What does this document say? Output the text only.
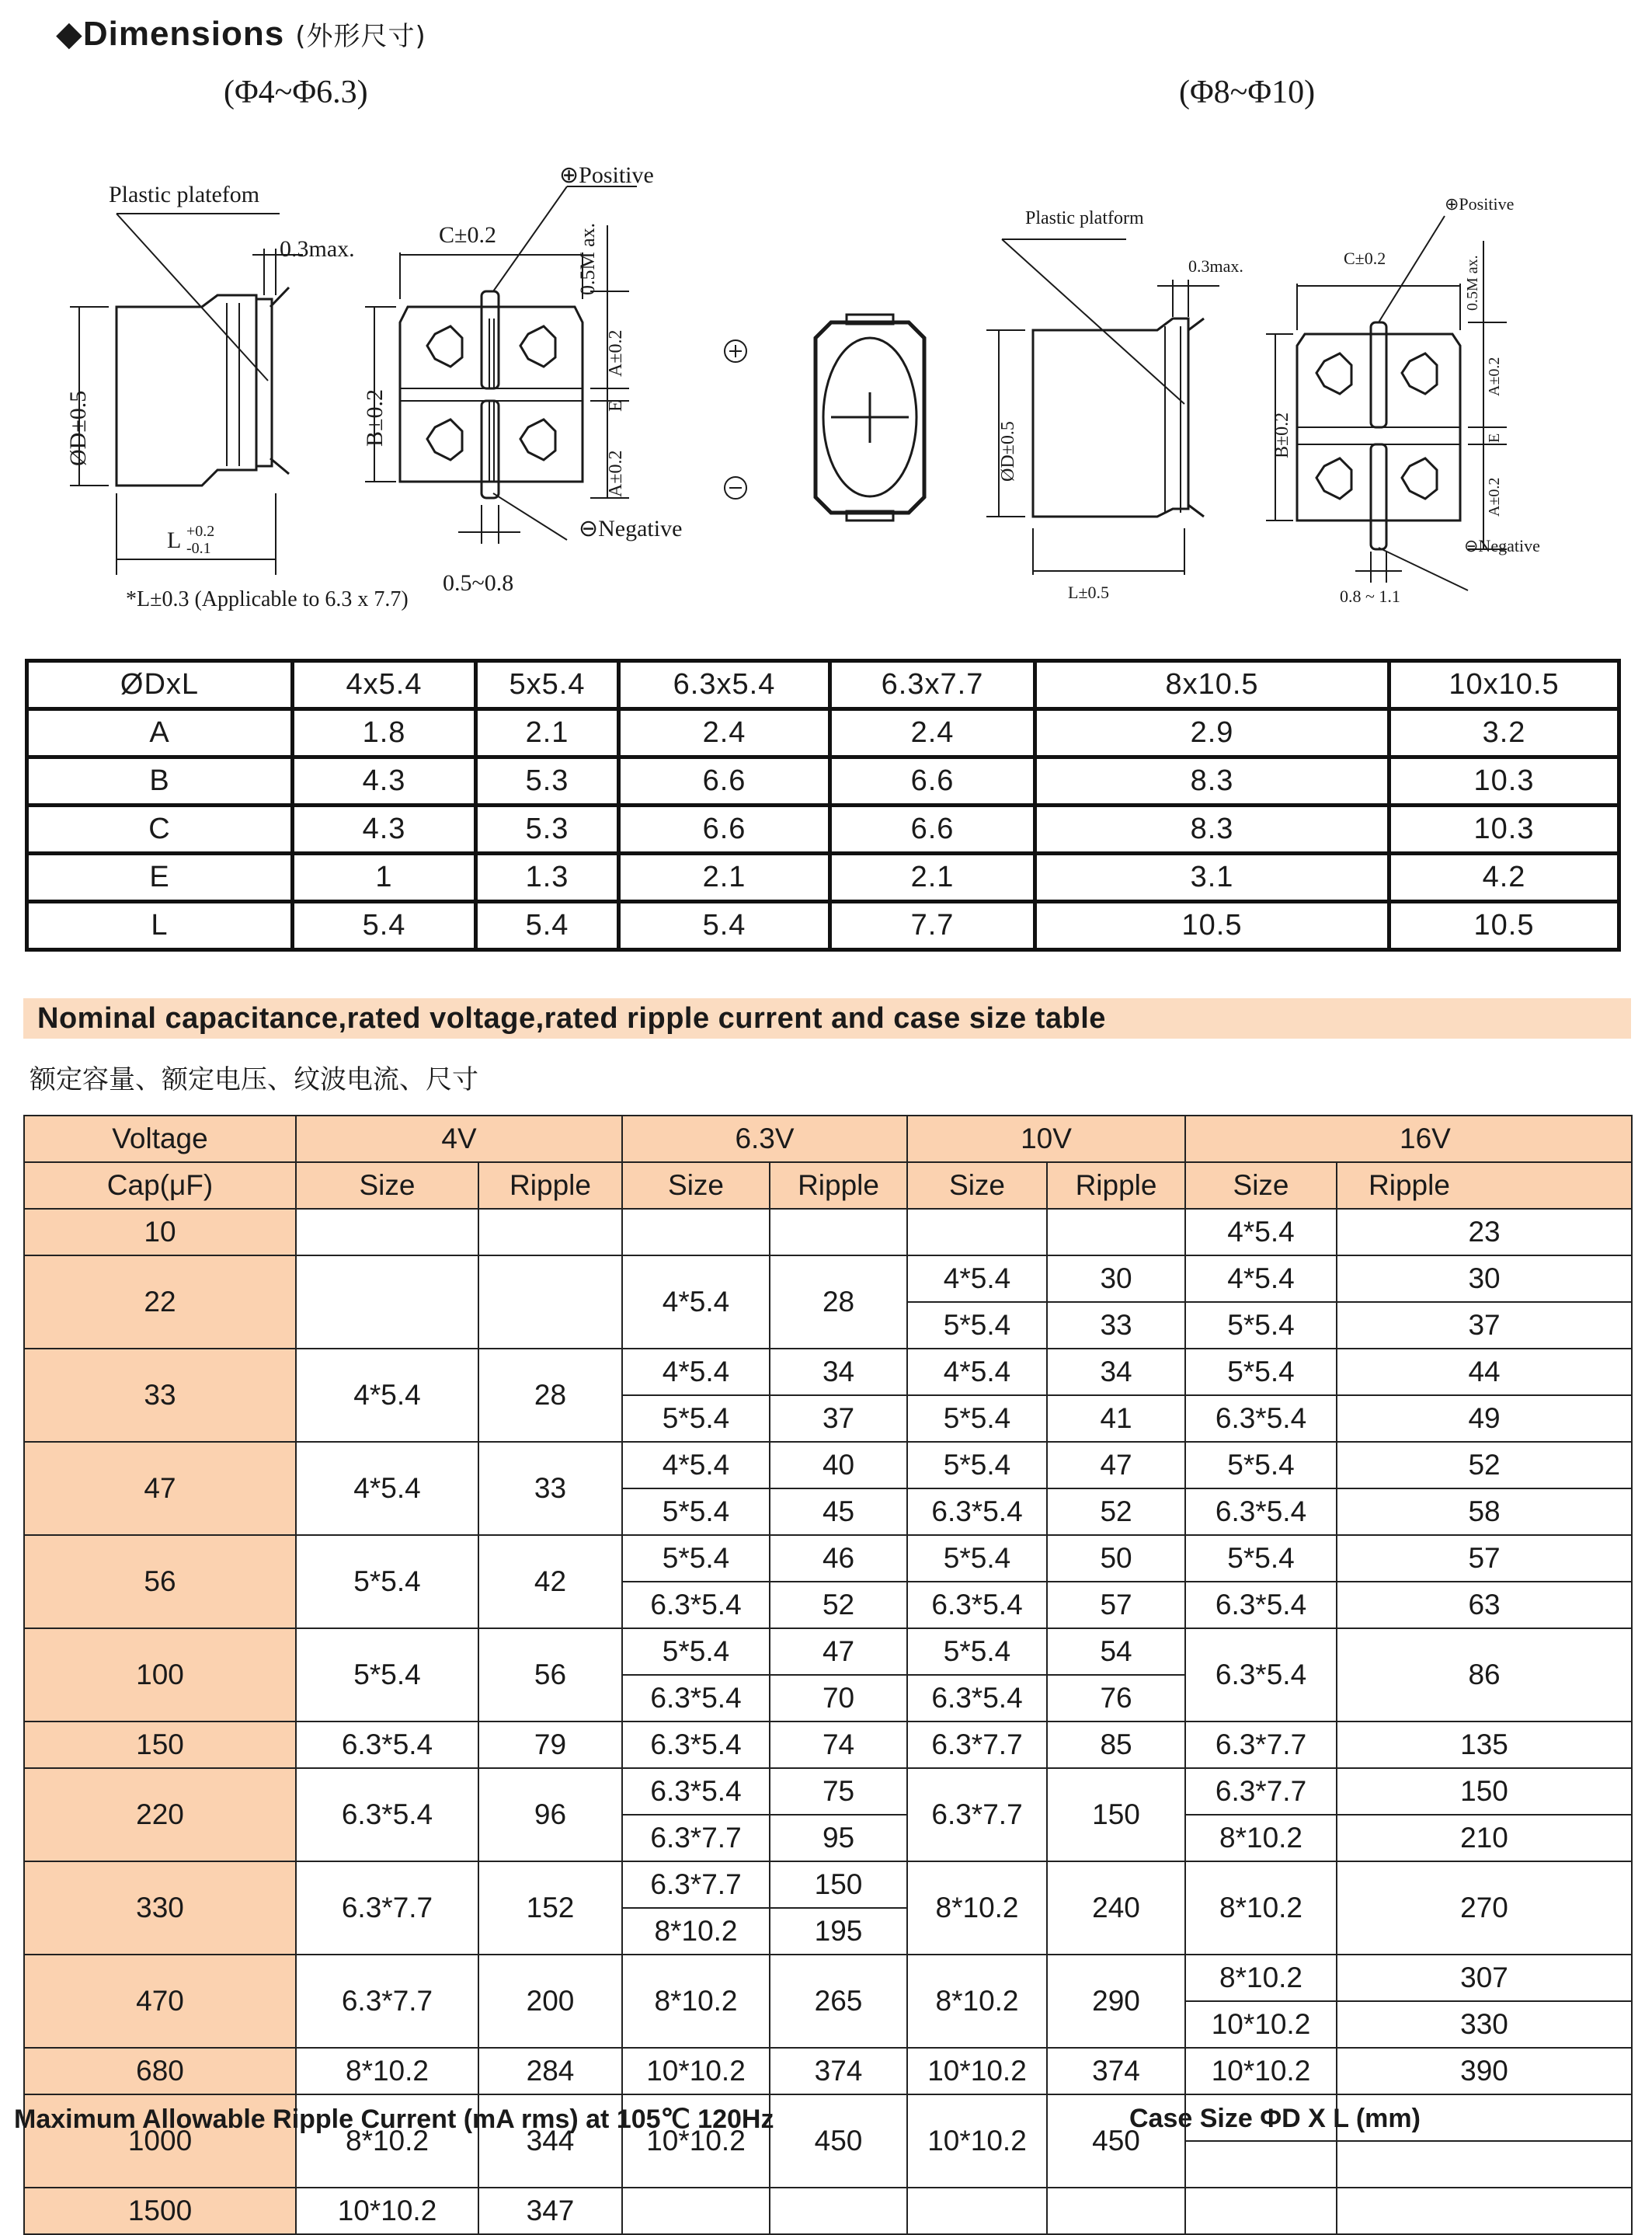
◆Dimensions (外形尺寸)
(Φ4~Φ6.3)	(Φ8~Φ10)
Plastic platefom
0.3max.
ØD±0.5
L +0.2
-0.1
*L±0.3 (Applicable to 6.3 x 7.7)
C±0.2	0.5M ax.
⊕Positive
⊖Negative
B±0.2
A±0.2
E
A±0.2
0.5~0.8
Plastic platform
0.3max.
ØD±0.5
L±0.5
C±0.2	0.5M ax.
⊕Positive
⊖Negative
B±0.2
A±0.2
E
A±0.2
0.8 ~ 1.1
⊕
⊖
ØDxL	4x5.4	5x5.4	6.3x5.4	6.3x7.7	8x10.5	10x10.5
A	1.8	2.1	2.4	2.4	2.9	3.2
B	4.3	5.3	6.6	6.6	8.3	10.3
C	4.3	5.3	6.6	6.6	8.3	10.3
E	1	1.3	2.1	2.1	3.1	4.2
L	5.4	5.4	5.4	7.7	10.5	10.5
Nominal capacitance,rated voltage,rated ripple current and case size table
额定容量、额定电压、纹波电流、尺寸
Voltage	4V		6.3V		10V		16V	
Cap(μF)	Size	Ripple	Size	Ripple	Size	Ripple	Size	Ripple
10							4*5.4	23
22			4*5.4	28	4*5.4	30	4*5.4	30
					5*5.4	33	5*5.4	37
33	4*5.4	28	4*5.4	34	4*5.4	34	5*5.4	44
			5*5.4	37	5*5.4	41	6.3*5.4	49
47	4*5.4	33	4*5.4	40	5*5.4	47	5*5.4	52
			5*5.4	45	6.3*5.4	52	6.3*5.4	58
56	5*5.4	42	5*5.4	46	5*5.4	50	5*5.4	57
			6.3*5.4	52	6.3*5.4	57	6.3*5.4	63
100	5*5.4	56	5*5.4	47	5*5.4	54	6.3*5.4	86
			6.3*5.4	70	6.3*5.4	76		
150	6.3*5.4	79	6.3*5.4	74	6.3*7.7	85	6.3*7.7	135
220	6.3*5.4	96	6.3*5.4	75	6.3*7.7	150	6.3*7.7	150
			6.3*7.7	95			8*10.2	210
330	6.3*7.7	152	6.3*7.7	150	8*10.2	240	8*10.2	270
			8*10.2	195				
470	6.3*7.7	200	8*10.2	265	8*10.2	290	8*10.2	307
							10*10.2	330
680	8*10.2	284	10*10.2	374	10*10.2	374	10*10.2	390
1000	8*10.2	344	10*10.2	450	10*10.2	450		

1500	10*10.2	347						
Maximum Allowable Ripple Current (mA rms) at 105℃ 120Hz	Case Size ΦD X L (mm)
